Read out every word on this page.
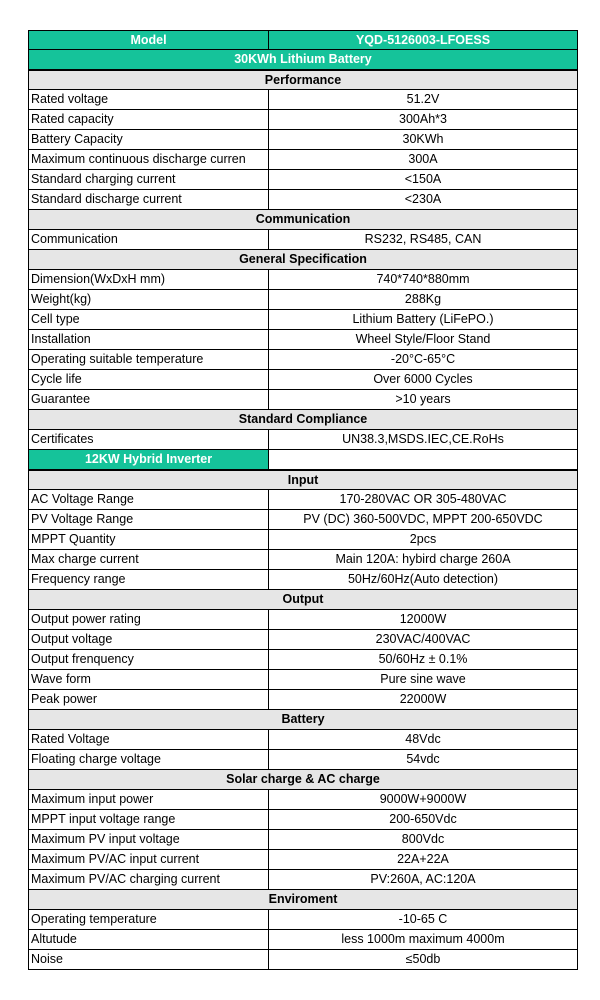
Model	YQD-5126003-LFOESS
30KWh Lithium Battery
Performance
Rated voltage	51.2V
Rated capacity	300Ah*3
Battery Capacity	30KWh
Maximum continuous discharge curren	300A
Standard charging current	<150A
Standard discharge current	<230A
Communication
Communication	RS232, RS485, CAN
General Specification
Dimension(WxDxH mm)	740*740*880mm
Weight(kg)	288Kg
Cell type	Lithium Battery (LiFePO.)
Installation	Wheel Style/Floor Stand
Operating suitable temperature	-20°C-65°C
Cycle life	Over 6000 Cycles
Guarantee	>10 years
Standard Compliance
Certificates	UN38.3,MSDS.IEC,CE.RoHs
12KW Hybrid Inverter
Input
AC Voltage Range	170-280VAC OR 305-480VAC
PV Voltage Range	PV (DC) 360-500VDC, MPPT 200-650VDC
MPPT Quantity	2pcs
Max charge current	Main 120A: hybird charge 260A
Frequency range	50Hz/60Hz(Auto detection)
Output
Output power rating	12000W
Output voltage	230VAC/400VAC
Output frenquency	50/60Hz ± 0.1%
Wave form	Pure sine wave
Peak power	22000W
Battery
Rated Voltage	48Vdc
Floating charge voltage	54vdc
Solar charge & AC charge
Maximum input power	9000W+9000W
MPPT input voltage range	200-650Vdc
Maximum PV input voltage	800Vdc
Maximum PV/AC input current	22A+22A
Maximum PV/AC charging current	PV:260A, AC:120A
Enviroment
Operating temperature	-10-65 C
Altutude	less 1000m maximum 4000m
Noise	≤50db
